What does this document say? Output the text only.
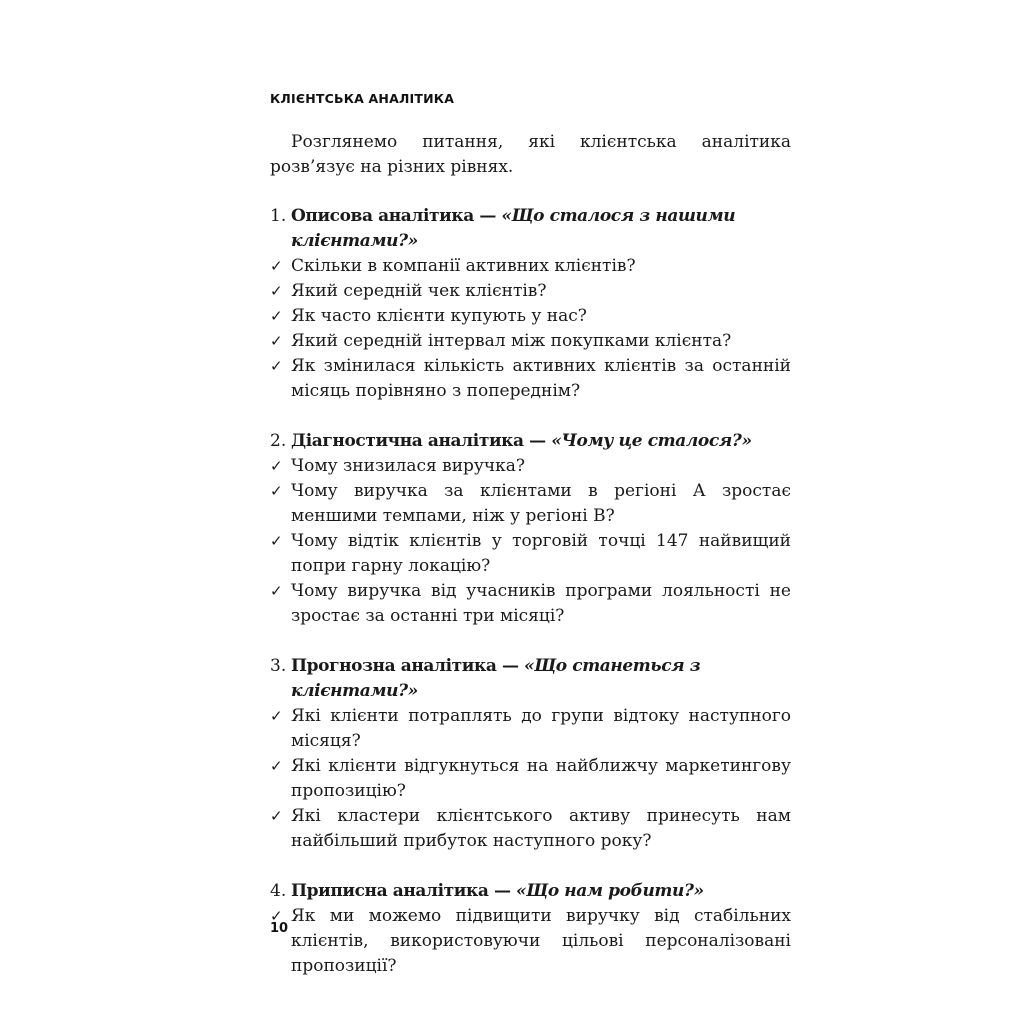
КЛІЄНТСЬКА АНАЛІТИКА

Розглянемо питання, які клієнтська аналітика розв’язує на різних рівнях.

1. Описова аналітика — «Що сталося з нашими клієнтами?»
✓ Скільки в компанії активних клієнтів?
✓ Який середній чек клієнтів?
✓ Як часто клієнти купують у нас?
✓ Який середній інтервал між покупками клієнта?
✓ Як змінилася кількість активних клієнтів за останній місяць порівняно з попереднім?
2. Діагностична аналітика — «Чому це сталося?»
✓ Чому знизилася виручка?
✓ Чому виручка за клієнтами в регіоні А зростає меншими темпами, ніж у регіоні В?
✓ Чому відтік клієнтів у торговій точці 147 найвищий попри гарну локацію?
✓ Чому виручка від учасників програми лояльності не зростає за останні три місяці?
3. Прогнозна аналітика — «Що станеться з клієнтами?»
✓ Які клієнти потраплять до групи відтоку наступного місяця?
✓ Які клієнти відгукнуться на найближчу маркетингову пропозицію?
✓ Які кластери клієнтського активу принесуть нам найбільший прибуток наступного року?
4. Приписна аналітика — «Що нам робити?»
✓ Як ми можемо підвищити виручку від стабільних клієнтів, використовуючи цільові персоналізовані пропозиції?
10
